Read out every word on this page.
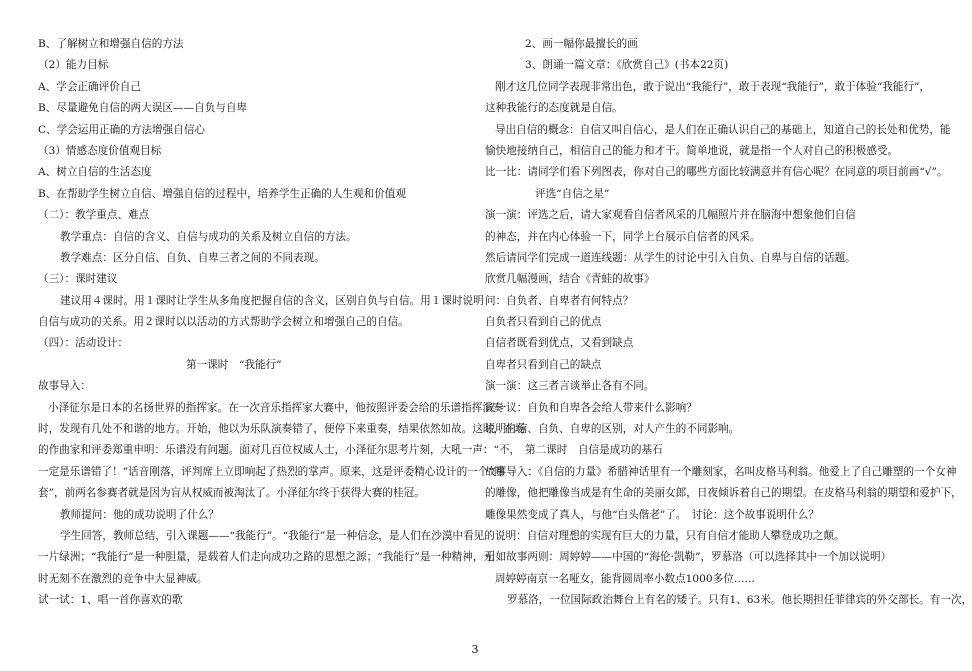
B、了解树立和增强自信的方法
（2）能力目标
A、学会正确评价自己
B、尽量避免自信的两大误区——自负与自卑
C、学会运用正确的方法增强自信心
（3）情感态度价值观目标
A、树立自信的生活态度
B、在帮助学生树立自信、增强自信的过程中，培养学生正确的人生观和价值观
（二）：教学重点、难点
教学重点：自信的含义、自信与成功的关系及树立自信的方法。
教学难点：区分自信、自负、自卑三者之间的不同表现。
（三）：课时建议
建议用４课时。用１课时让学生从多角度把握自信的含义，区别自负与自信。用１课时说明
自信与成功的关系。用２课时以以活动的方式帮助学会树立和增强自己的自信。
（四）：活动设计：
第一课时　“我能行”
故事导入：
小泽征尔是日本的名扬世界的指挥家。在一次音乐指挥家大赛中，他按照评委会给的乐谱指挥演奏
时，发现有几处不和谐的地方。开始，他以为乐队演奏错了，便停下来重奏，结果依然如故。这时，在场
的作曲家和评委郑重申明：乐谱没有问题。面对几百位权威人士，小泽征尔思考片刻，大吼一声：“不，
一定是乐谱错了！”话音刚落，评判席上立即响起了热烈的掌声。原来，这是评委精心设计的一个“圈
套”，前两名参赛者就是因为盲从权威而被淘汰了。小泽征尔终于获得大赛的桂冠。
教师提问：他的成功说明了什么？
学生回答，教师总结，引入课题——“我能行”。“我能行”是一种信念，是人们在沙漠中看见的
一片绿洲；“我能行”是一种胆量，是载着人们走向成功之路的思想之源；“我能行”是一种精神，无
时无刻不在激烈的竞争中大显神威。
试一试：1、唱一首你喜欢的歌
2、画一幅你最擅长的画
3、朗诵一篇文章：《欣赏自己》(书本22页)
刚才这几位同学表现非常出色，敢于说出“我能行”，敢于表现“我能行”，敢于体验“我能行”，
这种我能行的态度就是自信。
导出自信的概念：自信又叫自信心，是人们在正确认识自己的基础上，知道自己的长处和优势，能
愉快地接纳自己，相信自己的能力和才干。简单地说，就是指一个人对自己的积极感受。
比一比：请同学们看下列图表，你对自己的哪些方面比较满意并有信心呢？在同意的项目前画“√”。
评选“自信之星”
演一演：评选之后，请大家观看自信者风采的几幅照片并在脑海中想象他们自信
的神态，并在内心体验一下，同学上台展示自信者的风采。
然后请同学们完成一道连线题：从学生的讨论中引入自负、自卑与自信的话题。
欣赏几幅漫画，结合《青蛙的故事》
问：自负者、自卑者有何特点？
自负者只看到自己的优点
自信者既看到优点，又看到缺点
自卑者只看到自己的缺点
演一演：这三者言谈举止各有不同。
议一议：自负和自卑各会给人带来什么影响？
说明自信、自负、自卑的区别，对人产生的不同影响。
第二课时　自信是成功的基石
故事导入：《自信的力量》希腊神话里有一个雕刻家，名叫皮格马利翁。他爱上了自己雕塑的一个女神
的雕像，他把雕像当成是有生命的美丽女郎，日夜倾诉着自己的期望。在皮格马利翁的期望和爱护下，
雕像果然变成了真人，与他“白头偕老”了。　讨论：这个故事说明什么？
说明：自信对理想的实现有巨大的力量，只有自信才能助人攀登成功之颠。
引如故事两则：周婷婷——中国的“海伦·凯勒”，罗慕洛（可以选择其中一个加以说明）
周婷婷南京一名哑女，能背圆周率小数点1000多位……
罗慕洛，一位国际政治舞台上有名的矮子。只有1、63米。他长期担任菲律宾的外交部长。有一次，
3
